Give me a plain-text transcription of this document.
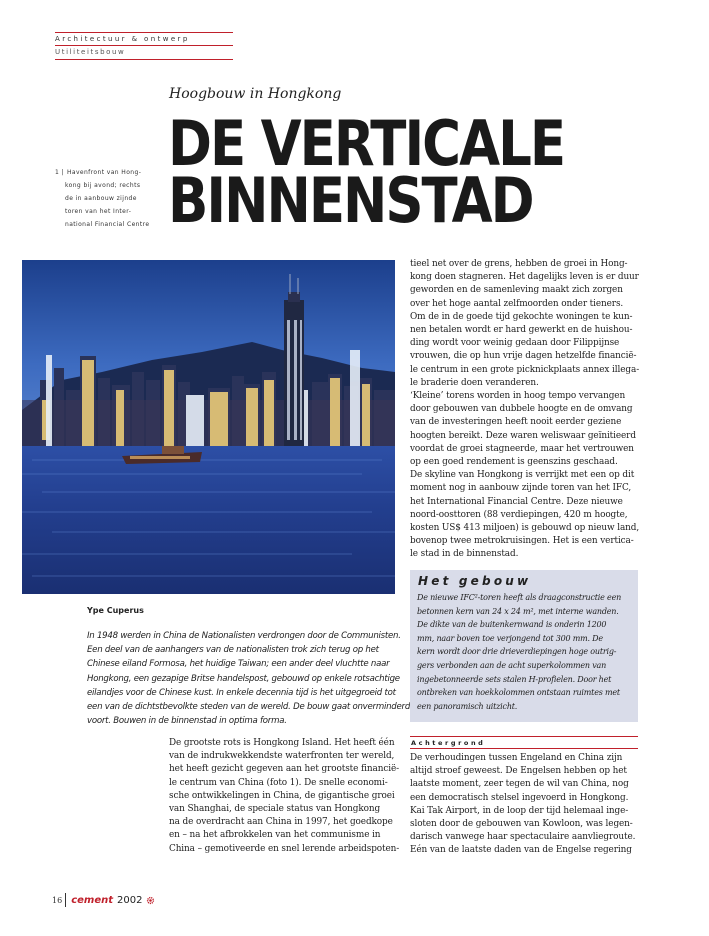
Architectuur & ontwerp
Utiliteitsbouw
Hoogbouw in Hongkong
DE VERTICALE
BINNENSTAD
1 | Havenfront van Hong-
kong bij avond; rechts
de in aanbouw zijnde
toren van het Inter-
national Financial Centre
Ype Cuperus
In 1948 werden in China de Nationalisten verdrongen door de Communisten.
Een deel van de aanhangers van de nationalisten trok zich terug op het
Chinese eiland Formosa, het huidige Taiwan; een ander deel vluchtte naar
Hongkong, een gezapige Britse handelspost, gebouwd op enkele rotsachtige
eilandjes voor de Chinese kust. In enkele decennia tijd is het uitgegroeid tot
een van de dichtstbevolkte steden van de wereld. De bouw gaat onverminderd
voort. Bouwen in de binnenstad in optima forma.
De grootste rots is Hongkong Island. Het heeft één
van de indrukwekkendste waterfronten ter wereld,
het heeft gezicht gegeven aan het grootste financië-
le centrum van China (foto 1). De snelle economi-
sche ontwikkelingen in China, de gigantische groei
van Shanghai, de speciale status van Hongkong
na de overdracht aan China in 1997, het goedkope
en – na het afbrokkelen van het communisme in
China – gemotiveerde en snel lerende arbeidspoten-
tieel net over de grens, hebben de groei in Hong-
kong doen stagneren. Het dagelijks leven is er duur
geworden en de samenleving maakt zich zorgen
over het hoge aantal zelfmoorden onder tieners.
Om de in de goede tijd gekochte woningen te kun-
nen betalen wordt er hard gewerkt en de huishou-
ding wordt voor weinig gedaan door Filippijnse
vrouwen, die op hun vrije dagen hetzelfde financië-
le centrum in een grote picknickplaats annex illega-
le braderie doen veranderen.
‘Kleine’ torens worden in hoog tempo vervangen
door gebouwen van dubbele hoogte en de omvang
van de investeringen heeft nooit eerder geziene
hoogten bereikt. Deze waren weliswaar geïnitieerd
voordat de groei stagneerde, maar het vertrouwen
op een goed rendement is geenszins geschaad.
De skyline van Hongkong is verrijkt met een op dit
moment nog in aanbouw zijnde toren van het IFC,
het International Financial Centre. Deze nieuwe
noord-oosttoren (88 verdiepingen, 420 m hoogte,
kosten US$ 413 miljoen) is gebouwd op nieuw land,
bovenop twee metrokruisingen. Het is een vertica-
le stad in de binnenstad.
Het gebouw
De nieuwe IFC²-toren heeft als draagconstructie een
betonnen kern van 24 x 24 m², met interne wanden.
De dikte van de buitenkernwand is onderin 1200
mm, naar boven toe verjongend tot 300 mm. De
kern wordt door drie drieverdiepingen hoge outrig-
gers verbonden aan de acht superkolommen van
ingebetonneerde sets stalen H-profielen. Door het
ontbreken van hoekkolommen ontstaan ruimtes met
een panoramisch uitzicht.
Achtergrond
De verhoudingen tussen Engeland en China zijn
altijd stroef geweest. De Engelsen hebben op het
laatste moment, zeer tegen de wil van China, nog
een democratisch stelsel ingevoerd in Hongkong.
Kai Tak Airport, in de loop der tijd helemaal inge-
sloten door de gebouwen van Kowloon, was legen-
darisch vanwege haar spectaculaire aanvliegroute.
Eén van de laatste daden van de Engelse regering
16 cement 2002
